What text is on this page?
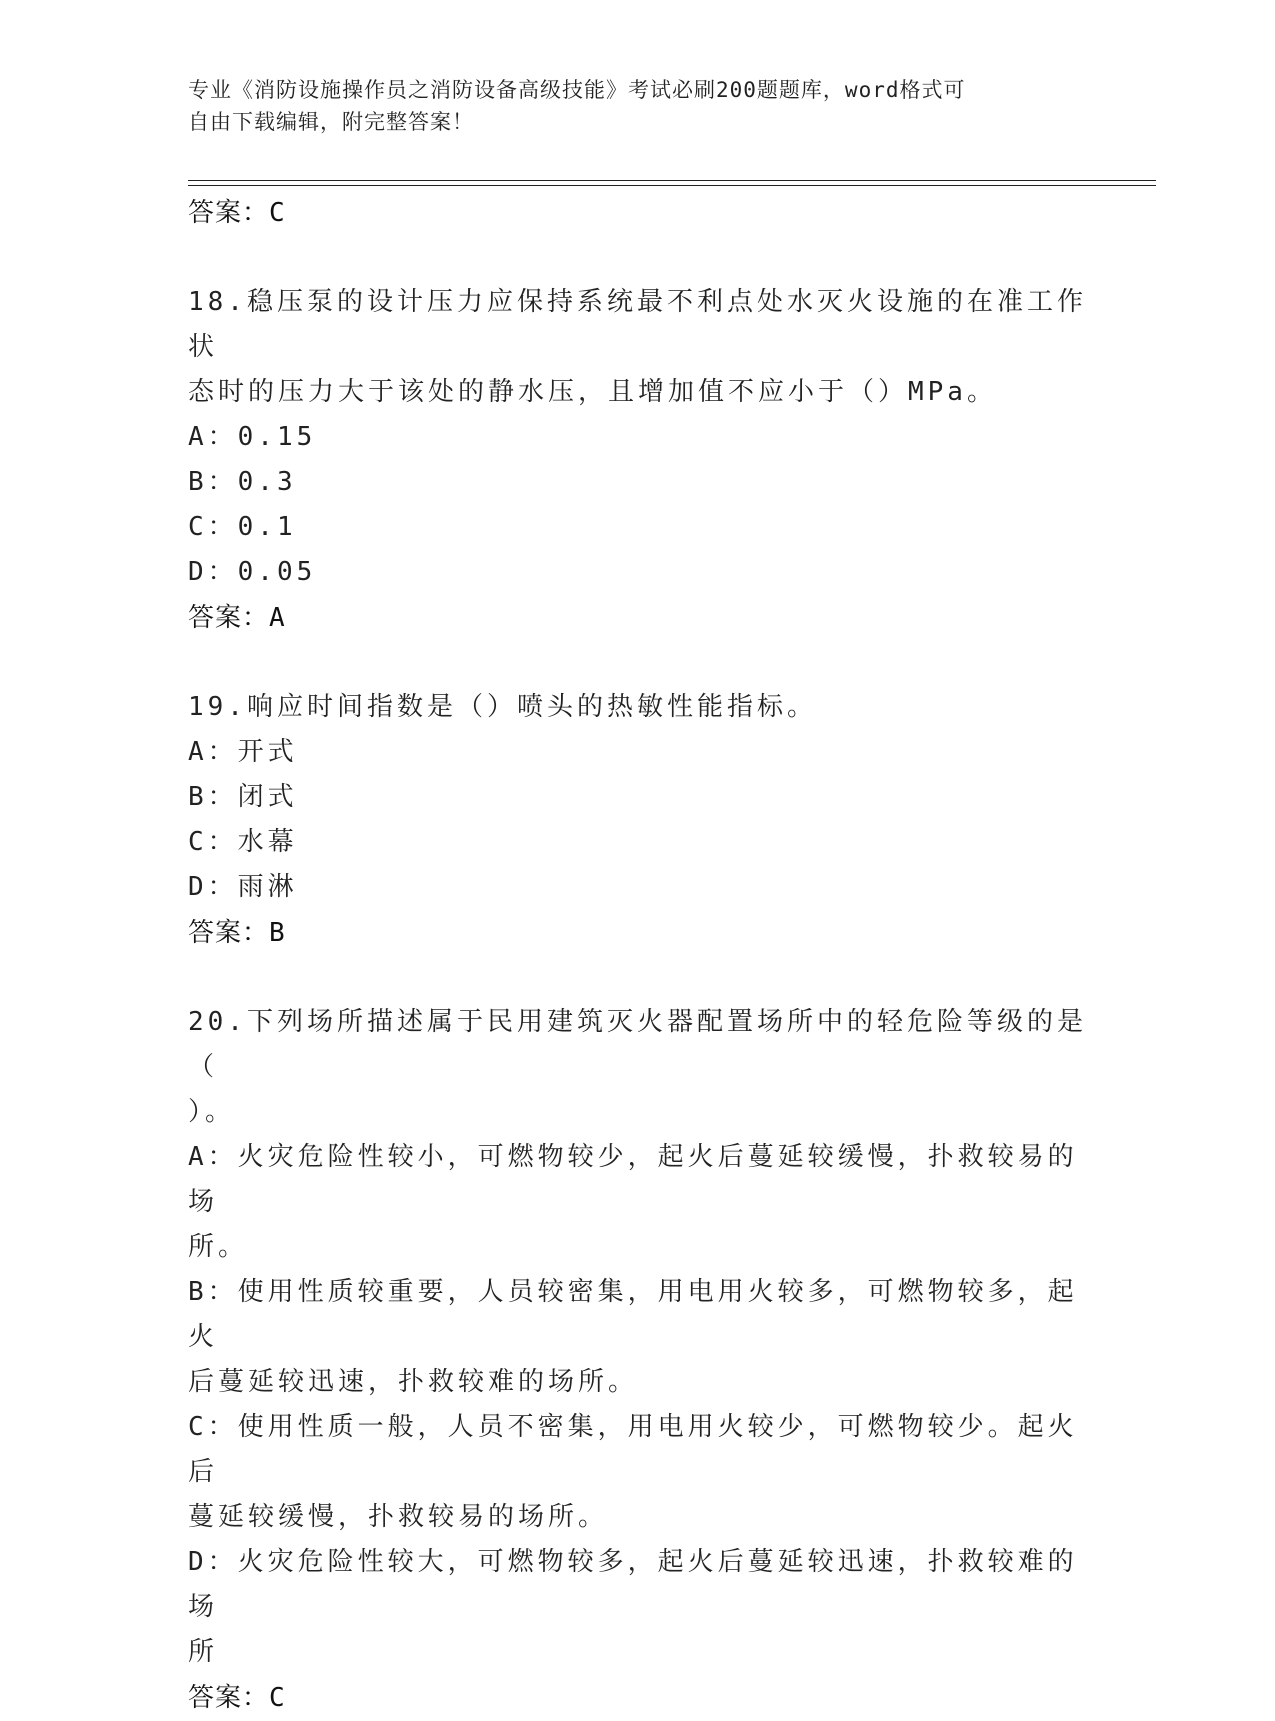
专业《消防设施操作员之消防设备高级技能》考试必刷200题题库，word格式可
自由下载编辑，附完整答案！
答案：C
18.稳压泵的设计压力应保持系统最不利点处水灭火设施的在准工作状
态时的压力大于该处的静水压，且增加值不应小于（）MPa。
A：0.15
B：0.3
C：0.1
D：0.05
答案：A
19.响应时间指数是（）喷头的热敏性能指标。
A：开式
B：闭式
C：水幕
D：雨淋
答案：B
20.下列场所描述属于民用建筑灭火器配置场所中的轻危险等级的是（
）。
A：火灾危险性较小，可燃物较少，起火后蔓延较缓慢，扑救较易的场
所。
B：使用性质较重要，人员较密集，用电用火较多，可燃物较多，起火
后蔓延较迅速，扑救较难的场所。
C：使用性质一般，人员不密集，用电用火较少，可燃物较少。起火后
蔓延较缓慢，扑救较易的场所。
D：火灾危险性较大，可燃物较多，起火后蔓延较迅速，扑救较难的场
所
答案：C
